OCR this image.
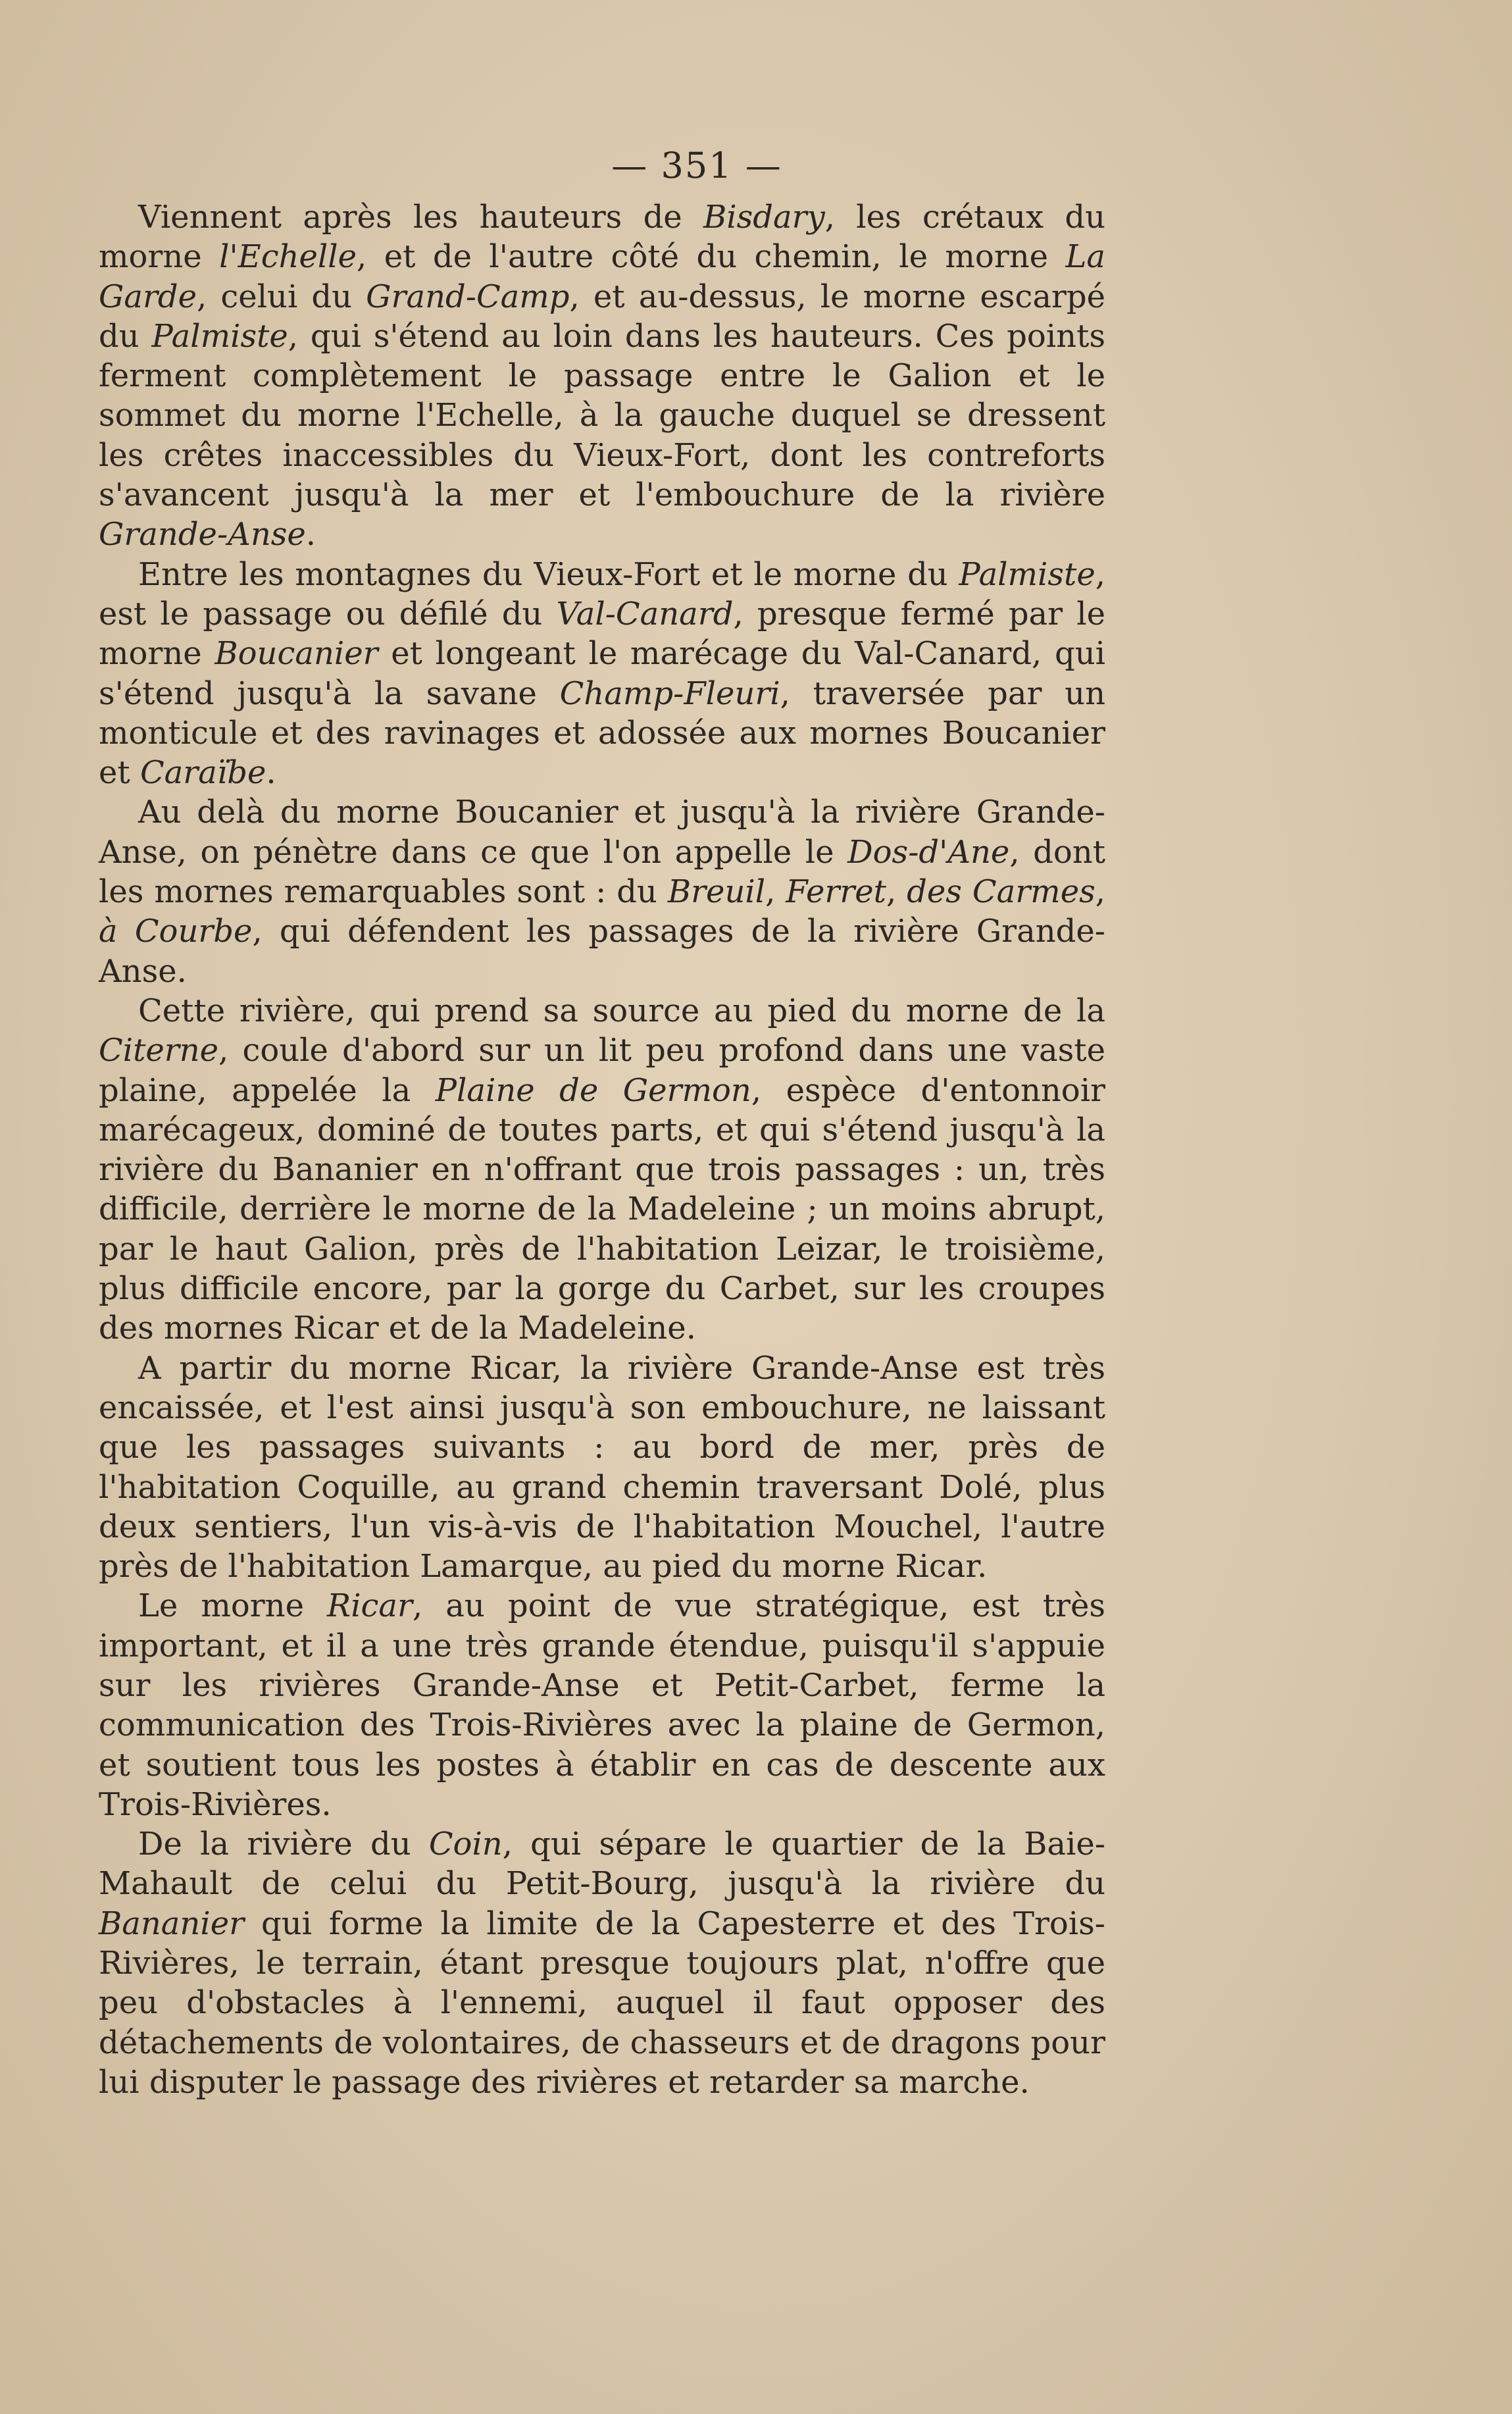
— 351 —

Viennent après les hauteurs de Bisdary, les crétaux du morne l'Echelle, et de l'autre côté du chemin, le morne La Garde, celui du Grand-Camp, et au-dessus, le morne escarpé du Palmiste, qui s'étend au loin dans les hauteurs. Ces points ferment complètement le passage entre le Galion et le sommet du morne l'Echelle, à la gauche duquel se dressent les crêtes inaccessibles du Vieux-Fort, dont les contreforts s'avancent jusqu'à la mer et l'embouchure de la rivière Grande-Anse.

Entre les montagnes du Vieux-Fort et le morne du Palmiste, est le passage ou défilé du Val-Canard, presque fermé par le morne Boucanier et longeant le marécage du Val-Canard, qui s'étend jusqu'à la savane Champ-Fleuri, traversée par un monticule et des ravinages et adossée aux mornes Boucanier et Caraïbe.

Au delà du morne Boucanier et jusqu'à la rivière Grande-Anse, on pénètre dans ce que l'on appelle le Dos-d'Ane, dont les mornes remarquables sont : du Breuil, Ferret, des Carmes, à Courbe, qui défendent les passages de la rivière Grande-Anse.

Cette rivière, qui prend sa source au pied du morne de la Citerne, coule d'abord sur un lit peu profond dans une vaste plaine, appelée la Plaine de Germon, espèce d'entonnoir marécageux, dominé de toutes parts, et qui s'étend jusqu'à la rivière du Bananier en n'offrant que trois passages : un, très difficile, derrière le morne de la Madeleine ; un moins abrupt, par le haut Galion, près de l'habitation Leizar, le troisième, plus difficile encore, par la gorge du Carbet, sur les croupes des mornes Ricar et de la Madeleine.

A partir du morne Ricar, la rivière Grande-Anse est très encaissée, et l'est ainsi jusqu'à son embouchure, ne laissant que les passages suivants : au bord de mer, près de l'habitation Coquille, au grand chemin traversant Dolé, plus deux sentiers, l'un vis-à-vis de l'habitation Mouchel, l'autre près de l'habitation Lamarque, au pied du morne Ricar.

Le morne Ricar, au point de vue stratégique, est très important, et il a une très grande étendue, puisqu'il s'appuie sur les rivières Grande-Anse et Petit-Carbet, ferme la communication des Trois-Rivières avec la plaine de Germon, et soutient tous les postes à établir en cas de descente aux Trois-Rivières.

De la rivière du Coin, qui sépare le quartier de la Baie-Mahault de celui du Petit-Bourg, jusqu'à la rivière du Bananier qui forme la limite de la Capesterre et des Trois-Rivières, le terrain, étant presque toujours plat, n'offre que peu d'obstacles à l'ennemi, auquel il faut opposer des détachements de volontaires, de chasseurs et de dragons pour lui disputer le passage des rivières et retarder sa marche.
